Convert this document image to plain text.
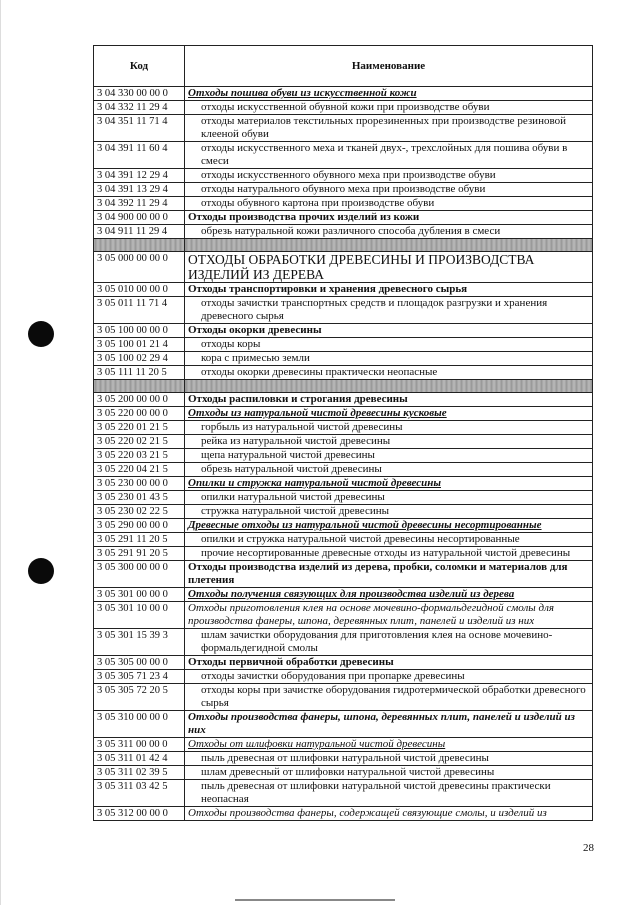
Код	Наименование
3 04 330 00 00 0	Отходы пошива обуви из искусственной кожи
3 04 332 11 29 4	отходы искусственной обувной кожи при производстве обуви
3 04 351 11 71 4	отходы материалов текстильных прорезиненных при производстве резиновой клееной обуви
3 04 391 11 60 4	отходы искусственного меха и тканей двух-, трехслойных для пошива обуви в смеси
3 04 391 12 29 4	отходы искусственного обувного меха при производстве обуви
3 04 391 13 29 4	отходы натурального обувного меха при производстве обуви
3 04 392 11 29 4	отходы обувного картона при производстве обуви
3 04 900 00 00 0	Отходы производства прочих изделий из кожи
3 04 911 11 29 4	обрезь натуральной кожи различного способа дубления в смеси

3 05 000 00 00 0	ОТХОДЫ ОБРАБОТКИ ДРЕВЕСИНЫ И ПРОИЗВОДСТВА ИЗДЕЛИЙ ИЗ ДЕРЕВА
3 05 010 00 00 0	Отходы транспортировки и хранения древесного сырья
3 05 011 11 71 4	отходы зачистки транспортных средств и площадок разгрузки и хранения древесного сырья
3 05 100 00 00 0	Отходы окорки древесины
3 05 100 01 21 4	отходы коры
3 05 100 02 29 4	кора с примесью земли
3 05 111 11 20 5	отходы окорки древесины практически неопасные

3 05 200 00 00 0	Отходы распиловки и строгания древесины
3 05 220 00 00 0	Отходы из натуральной чистой древесины кусковые
3 05 220 01 21 5	горбыль из натуральной чистой древесины
3 05 220 02 21 5	рейка из натуральной чистой древесины
3 05 220 03 21 5	щепа натуральной чистой древесины
3 05 220 04 21 5	обрезь натуральной чистой древесины
3 05 230 00 00 0	Опилки и стружка натуральной чистой древесины
3 05 230 01 43 5	опилки натуральной чистой древесины
3 05 230 02 22 5	стружка натуральной чистой древесины
3 05 290 00 00 0	Древесные отходы из натуральной чистой древесины несортированные
3 05 291 11 20 5	опилки и стружка натуральной чистой древесины несортированные
3 05 291 91 20 5	прочие несортированные древесные отходы из натуральной чистой древесины
3 05 300 00 00 0	Отходы производства изделий из дерева, пробки, соломки и материалов для плетения
3 05 301 00 00 0	Отходы получения связующих для производства изделий из дерева
3 05 301 10 00 0	Отходы приготовления клея на основе мочевино-формальдегидной смолы для производства фанеры, шпона, деревянных плит, панелей и изделий из них
3 05 301 15 39 3	шлам зачистки оборудования для приготовления клея на основе мочевино-формальдегидной смолы
3 05 305 00 00 0	Отходы первичной обработки древесины
3 05 305 71 23 4	отходы зачистки оборудования при пропарке древесины
3 05 305 72 20 5	отходы коры при зачистке оборудования гидротермической обработки древесного сырья
3 05 310 00 00 0	Отходы производства фанеры, шпона, деревянных плит, панелей и изделий из них
3 05 311 00 00 0	Отходы от шлифовки натуральной чистой древесины
3 05 311 01 42 4	пыль древесная от шлифовки натуральной чистой древесины
3 05 311 02 39 5	шлам древесный от шлифовки натуральной чистой древесины
3 05 311 03 42 5	пыль древесная от шлифовки натуральной чистой древесины практически неопасная
3 05 312 00 00 0	Отходы производства фанеры, содержащей связующие смолы, и изделий из
28
